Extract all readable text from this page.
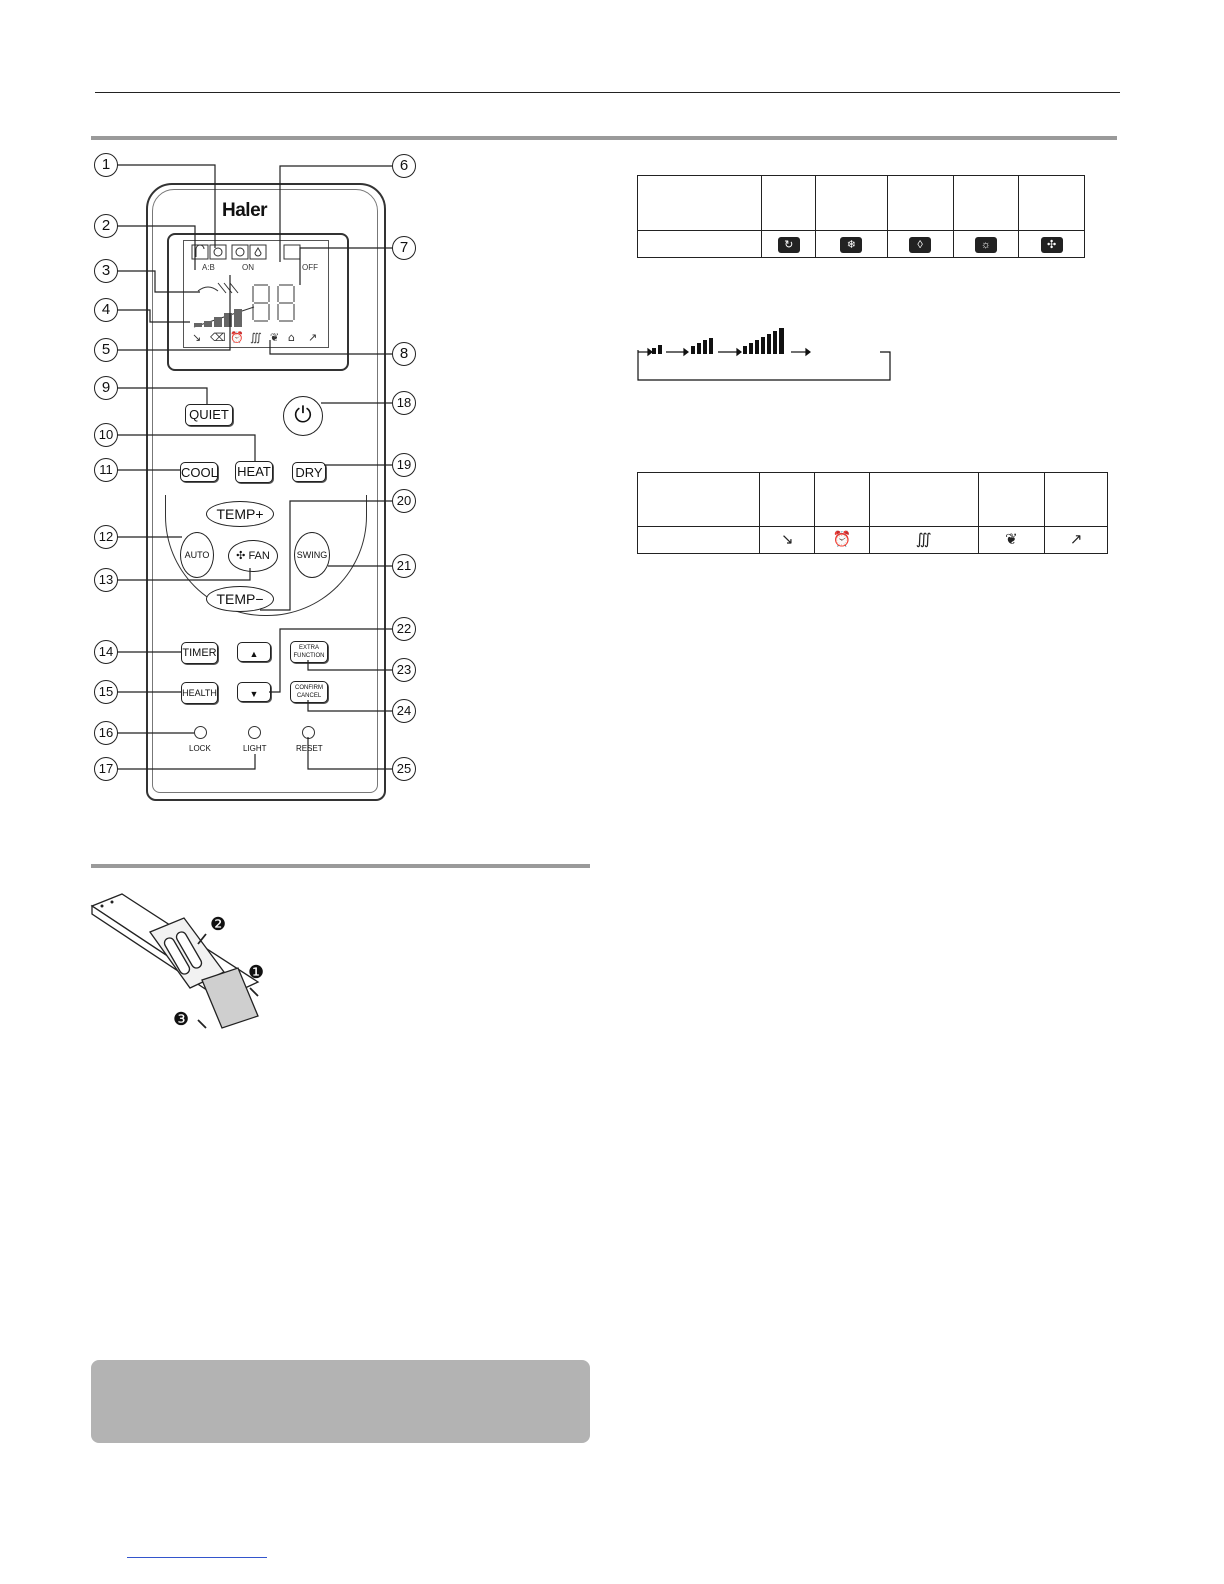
Haler
A:B	ON	OFF
↘ ⌫ ⏰ ∭ ❦ ⌂ ↗
⏻
QUIET
HEAT
COOL	DRY
TEMP+
TEMP−
AUTO	SWING
✣ FAN
TIMER
HEALTH
▲
▼
EXTRA
FUNCTION
CONFIRM
CANCEL
LOCK	LIGHT	RESET
1
2
3
4
5
6
7
8
9
10
11
12
13
14
15
16
17
18
19
20
21
22
23
24
25
❷
❶
❸

	↻	❄	◊	☼	✣

	↘	⏰	∭	❦	↗
